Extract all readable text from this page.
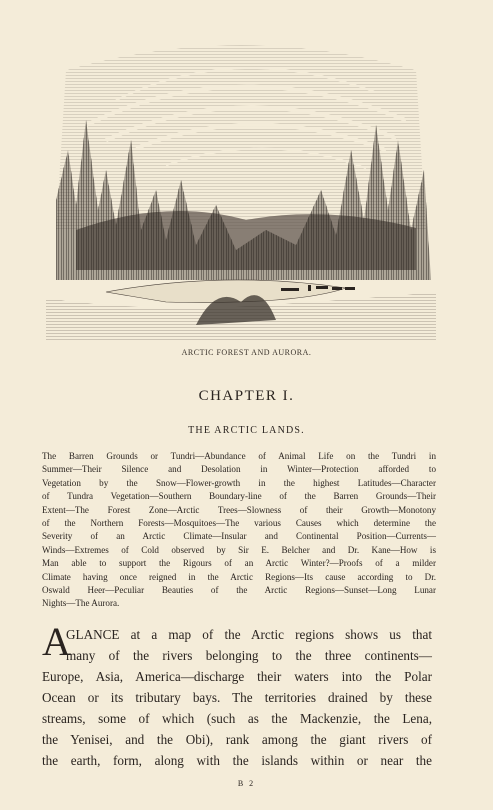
ARCTIC FOREST AND AURORA.
CHAPTER I.
THE ARCTIC LANDS.
The Barren Grounds or Tundri—Abundance of Animal Life on the Tundri in
Summer—Their Silence and Desolation in Winter—Protection afforded to
Vegetation by the Snow—Flower-growth in the highest Latitudes—Character
of Tundra Vegetation—Southern Boundary-line of the Barren Grounds—Their
Extent—The Forest Zone—Arctic Trees—Slowness of their Growth—Monotony
of the Northern Forests—Mosquitoes—The various Causes which determine the
Severity of an Arctic Climate—Insular and Continental Position—Currents—
Winds—Extremes of Cold observed by Sir E. Belcher and Dr. Kane—How is
Man able to support the Rigours of an Arctic Winter?—Proofs of a milder
Climate having once reigned in the Arctic Regions—Its cause according to Dr.
Oswald Heer—Peculiar Beauties of the Arctic Regions—Sunset—Long Lunar
Nights—The Aurora.
A
GLANCE at a map of the Arctic regions shows us that
many of the rivers belonging to the three continents—
Europe, Asia, America—discharge their waters into the Polar
Ocean or its tributary bays. The territories drained by these
streams, some of which (such as the Mackenzie, the Lena,
the Yenisei, and the Obi), rank among the giant rivers of
the earth, form, along with the islands within or near the
B 2
